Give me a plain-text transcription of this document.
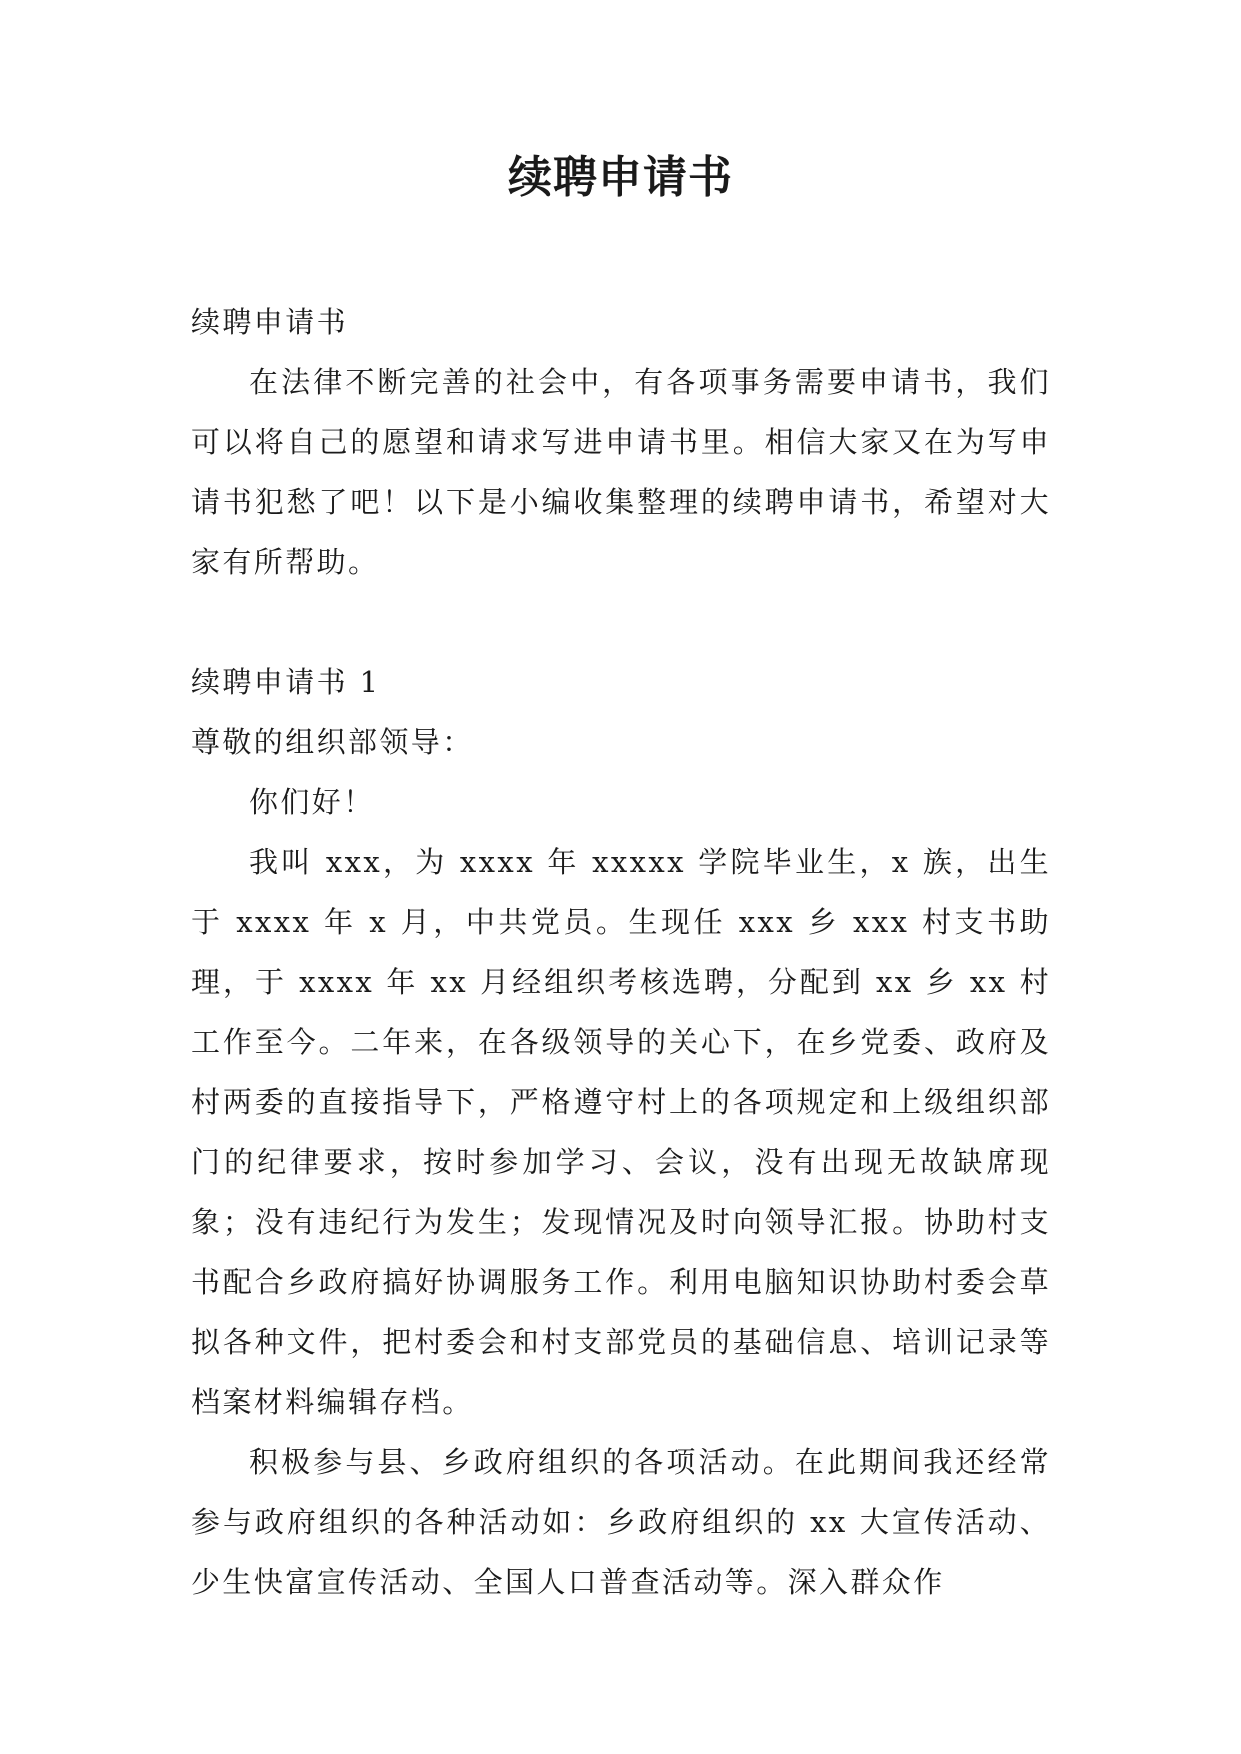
续聘申请书

续聘申请书

在法律不断完善的社会中，有各项事务需要申请书，我们可以将自己的愿望和请求写进申请书里。相信大家又在为写申请书犯愁了吧！以下是小编收集整理的续聘申请书，希望对大家有所帮助。

续聘申请书 1

尊敬的组织部领导：

你们好！

我叫 xxx，为 xxxx 年 xxxxx 学院毕业生，x 族，出生于 xxxx 年 x 月，中共党员。生现任 xxx 乡 xxx 村支书助理，于 xxxx 年 xx 月经组织考核选聘，分配到 xx 乡 xx 村工作至今。二年来，在各级领导的关心下，在乡党委、政府及村两委的直接指导下，严格遵守村上的各项规定和上级组织部门的纪律要求，按时参加学习、会议，没有出现无故缺席现象；没有违纪行为发生；发现情况及时向领导汇报。协助村支书配合乡政府搞好协调服务工作。利用电脑知识协助村委会草拟各种文件，把村委会和村支部党员的基础信息、培训记录等档案材料编辑存档。

积极参与县、乡政府组织的各项活动。在此期间我还经常参与政府组织的各种活动如：乡政府组织的 xx 大宣传活动、少生快富宣传活动、全国人口普查活动等。深入群众作
